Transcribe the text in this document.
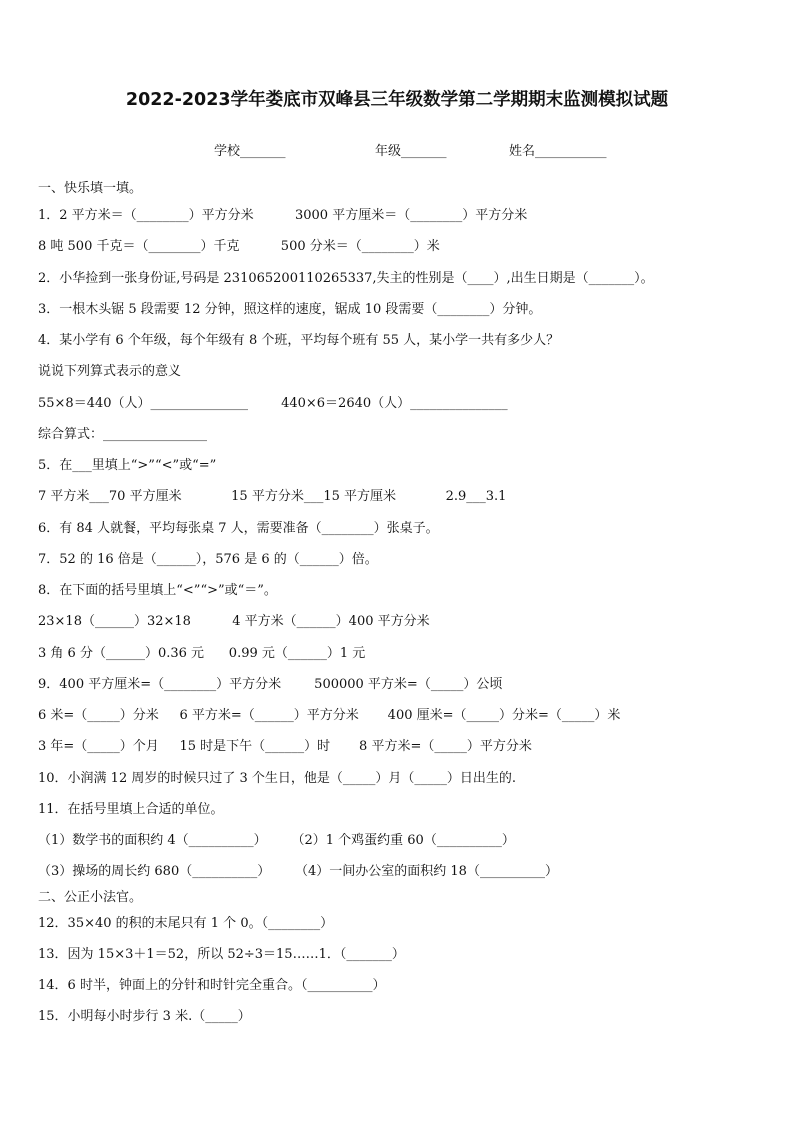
2022-2023学年娄底市双峰县三年级数学第二学期期末监测模拟试题
学校_______	年级_______	姓名___________
一、快乐填一填。
1．2 平方米＝（________）平方分米          3000 平方厘米＝（________）平方分米
8 吨 500 千克＝（________）千克          500 分米＝（________）米
2．小华捡到一张身份证,号码是 231065200110265337,失主的性别是（____）,出生日期是（_______）。
3．一根木头锯 5 段需要 12 分钟，照这样的速度，锯成 10 段需要（________）分钟。
4．某小学有 6 个年级，每个年级有 8 个班，平均每个班有 55 人，某小学一共有多少人？
说说下列算式表示的意义
55×8＝440（人）_______________        440×6＝2640（人）_______________
综合算式：________________
5．在___里填上“>”“<”或“=”
7 平方米___70 平方厘米            15 平方分米___15 平方厘米            2.9___3.1
6．有 84 人就餐，平均每张桌 7 人，需要准备（________）张桌子。
7．52 的 16 倍是（______），576 是 6 的（______）倍。
8．在下面的括号里填上“<”“>”或“＝”。
23×18（______）32×18          4 平方米（______）400 平方分米
3 角 6 分（______）0.36 元      0.99 元（______）1 元
9．400 平方厘米=（________）平方分米        500000 平方米=（_____）公顷
6 米=（_____）分米     6 平方米=（______）平方分米       400 厘米=（_____）分米=（_____）米
3 年=（_____）个月     15 时是下午（______）时       8 平方米=（_____）平方分米
10．小润满 12 周岁的时候只过了 3 个生日，他是（_____）月（_____）日出生的.
11．在括号里填上合适的单位。
（1）数学书的面积约 4（__________）      （2）1 个鸡蛋约重 60（__________）
（3）操场的周长约 680（__________）      （4）一间办公室的面积约 18（__________）
二、公正小法官。
12．35×40 的积的末尾只有 1 个 0。（________）
13．因为 15×3＋1＝52，所以 52÷3＝15……1．（_______）
14．6 时半，钟面上的分针和时针完全重合。（__________）
15．小明每小时步行 3 米.（_____）
